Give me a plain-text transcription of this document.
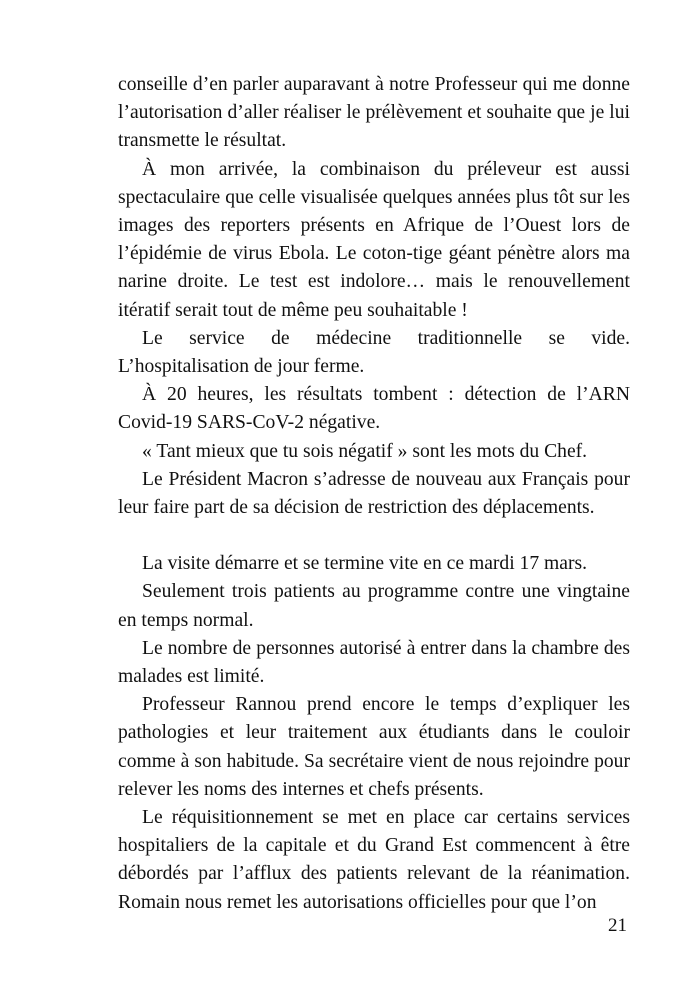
conseille d’en parler auparavant à notre Professeur qui me donne l’autorisation d’aller réaliser le prélèvement et souhaite que je lui transmette le résultat.

À mon arrivée, la combinaison du préleveur est aussi spectaculaire que celle visualisée quelques années plus tôt sur les images des reporters présents en Afrique de l’Ouest lors de l’épidémie de virus Ebola. Le coton-tige géant pénètre alors ma narine droite. Le test est indolore… mais le renouvellement itératif serait tout de même peu souhaitable !

Le service de médecine traditionnelle se vide. L’hospitalisation de jour ferme.

À 20 heures, les résultats tombent : détection de l’ARN Covid-19 SARS-CoV-2 négative.

« Tant mieux que tu sois négatif » sont les mots du Chef.

Le Président Macron s’adresse de nouveau aux Français pour leur faire part de sa décision de restriction des déplacements.

La visite démarre et se termine vite en ce mardi 17 mars.

Seulement trois patients au programme contre une vingtaine en temps normal.

Le nombre de personnes autorisé à entrer dans la chambre des malades est limité.

Professeur Rannou prend encore le temps d’expliquer les pathologies et leur traitement aux étudiants dans le couloir comme à son habitude. Sa secrétaire vient de nous rejoindre pour relever les noms des internes et chefs présents.

Le réquisitionnement se met en place car certains services hospitaliers de la capitale et du Grand Est commencent à être débordés par l’afflux des patients relevant de la réanimation. Romain nous remet les autorisations officielles pour que l’on

21
